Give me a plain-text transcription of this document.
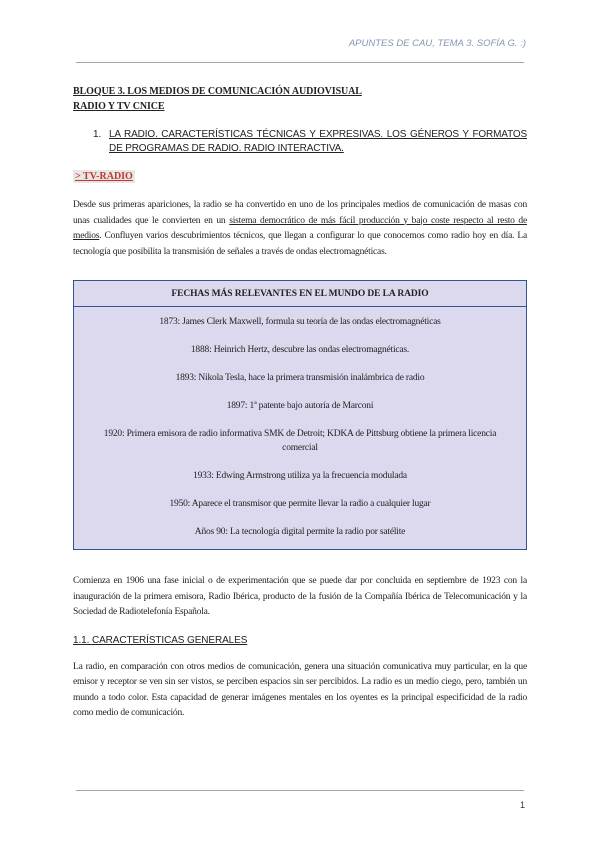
APUNTES DE CAU, TEMA 3. SOFÍA G. :)
BLOQUE 3. LOS MEDIOS DE COMUNICACIÓN AUDIOVISUAL
RADIO Y TV CNICE
1. LA RADIO. CARACTERÍSTICAS TÉCNICAS Y EXPRESIVAS. LOS GÉNEROS Y FORMATOS DE PROGRAMAS DE RADIO. RADIO INTERACTIVA.
> TV-RADIO

Desde sus primeras apariciones, la radio se ha convertido en uno de los principales medios de comunicación de masas con unas cualidades que le convierten en un sistema democrático de más fácil producción y bajo coste respecto al resto de medios. Confluyen varios descubrimientos técnicos, que llegan a configurar lo que conocemos como radio hoy en día. La tecnología que posibilita la transmisión de señales a través de ondas electromagnéticas.

FECHAS MÁS RELEVANTES EN EL MUNDO DE LA RADIO
1873: James Clerk Maxwell, formula su teoría de las ondas electromagnéticas
1888: Heinrich Hertz, descubre las ondas electromagnéticas.
1893: Nikola Tesla, hace la primera transmisión inalámbrica de radio
1897: 1ª patente bajo autoría de Marconi
1920: Primera emisora de radio informativa SMK de Detroit; KDKA de Pittsburg obtiene la primera licencia comercial
1933: Edwing Armstrong utiliza ya la frecuencia modulada
1950: Aparece el transmisor que permite llevar la radio a cualquier lugar
Años 90: La tecnología digital permite la radio por satélite

Comienza en 1906 una fase inicial o de experimentación que se puede dar por concluida en septiembre de 1923 con la inauguración de la primera emisora, Radio Ibérica, producto de la fusión de la Compañía Ibérica de Telecomunicación y la Sociedad de Radiotelefonía Española.

1.1. CARACTERÍSTICAS GENERALES

La radio, en comparación con otros medios de comunicación, genera una situación comunicativa muy particular, en la que emisor y receptor se ven sin ser vistos, se perciben espacios sin ser percibidos. La radio es un medio ciego, pero, también un mundo a todo color. Esta capacidad de generar imágenes mentales en los oyentes es la principal especificidad de la radio como medio de comunicación.

1
